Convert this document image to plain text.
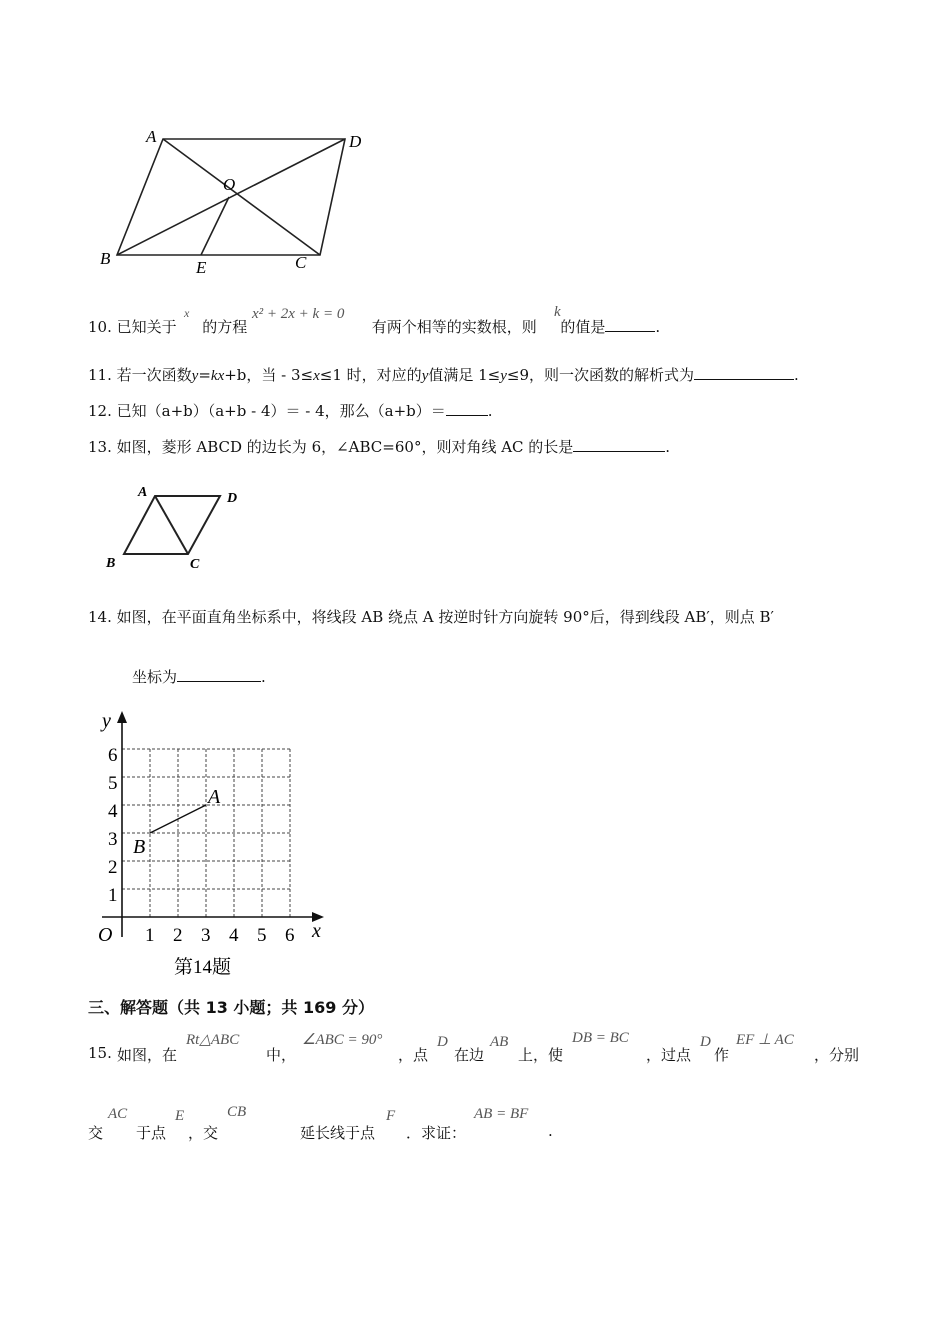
A	D
O
B	E	C
10. 已知关于 的方程	有两个相等的实数根，则 的值是	.
x	x² + 2x + k = 0	k
11. 若一次函数y=kx+b，当 - 3≤x≤1 时，对应的y值满足 1≤y≤9，则一次函数的解析式为	.
12. 已知（a+b）（a+b - 4）＝ - 4，那么（a+b）＝	.
13. 如图，菱形 ABCD 的边长为 6，∠ABC=60°，则对角线 AC 的长是	.
A	D
B	C
14. 如图，在平面直角坐标系中，将线段 AB 绕点 A 按逆时针方向旋转 90°后，得到线段 AB′，则点 B′
坐标为	.
y
x
O
1
2
3
4
5
6
1 2 3 4 5 6
A
B
第14题
三、解答题（共 13 小题；共 169 分）
15. 如图，在	中，	，点 在边 上，使	，过点 作	，分别
Rt△ABC	∠ABC = 90°	D	AB	DB = BC	D EF ⊥ AC
交 于点 ，交	延长线于点 ．求证：	.
AC	E	CB	F	AB = BF
